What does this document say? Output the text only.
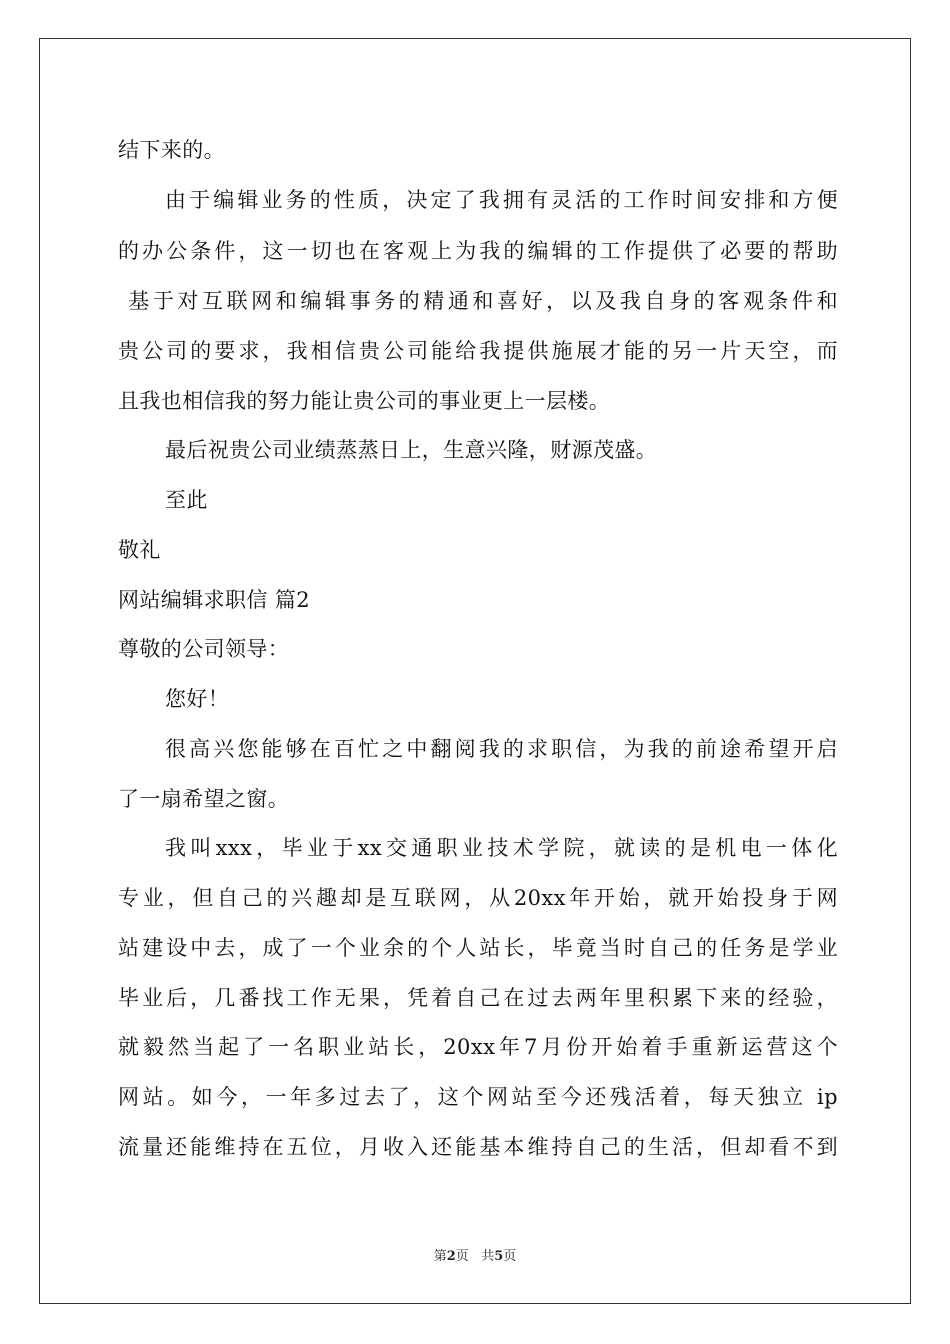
结下来的。
由于编辑业务的性质，决定了我拥有灵活的工作时间安排和方便
的办公条件，这一切也在客观上为我的编辑的工作提供了必要的帮助
基于对互联网和编辑事务的精通和喜好，以及我自身的客观条件和
贵公司的要求，我相信贵公司能给我提供施展才能的另一片天空，而
且我也相信我的努力能让贵公司的事业更上一层楼。
最后祝贵公司业绩蒸蒸日上，生意兴隆，财源茂盛。
至此
敬礼
网站编辑求职信 篇2
尊敬的公司领导：
您好！
很高兴您能够在百忙之中翻阅我的求职信，为我的前途希望开启
了一扇希望之窗。
我叫xxx，毕业于xx交通职业技术学院，就读的是机电一体化
专业，但自己的兴趣却是互联网，从20xx年开始，就开始投身于网
站建设中去，成了一个业余的个人站长，毕竟当时自己的任务是学业
毕业后，几番找工作无果，凭着自己在过去两年里积累下来的经验，
就毅然当起了一名职业站长，20xx年7月份开始着手重新运营这个
网站。如今，一年多过去了，这个网站至今还残活着，每天独立 ip
流量还能维持在五位，月收入还能基本维持自己的生活，但却看不到
第2页 共5页
